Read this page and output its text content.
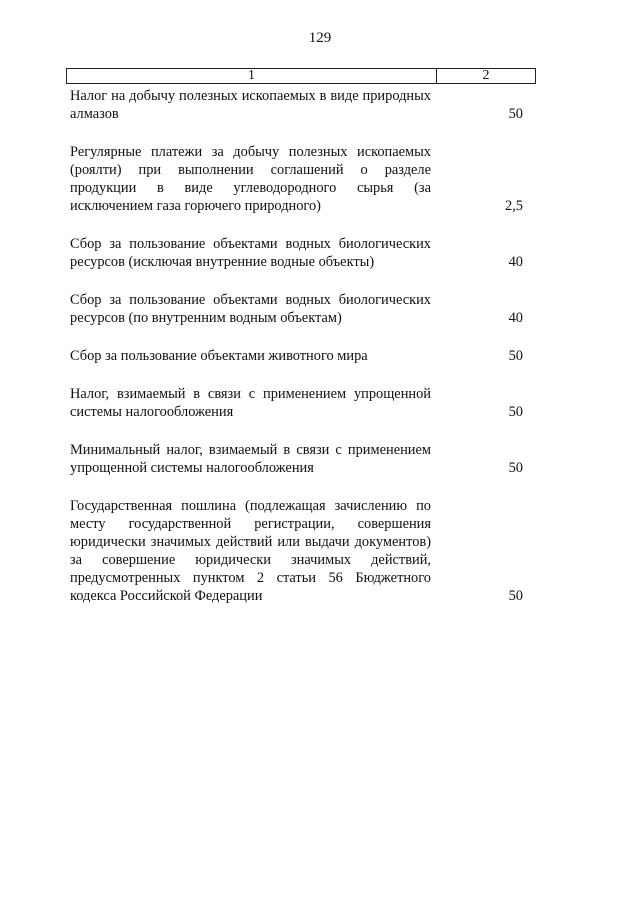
129
1	2
Налог на добычу полезных ископаемых в виде природных алмазов	50
Регулярные платежи за добычу полезных ископаемых (роялти) при выполнении соглашений о разделе продукции в виде углеводородного сырья (за исключением газа горючего природного)	2,5
Сбор за пользование объектами водных биологических ресурсов (исключая внутренние водные объекты)	40
Сбор за пользование объектами водных биологических ресурсов (по внутренним водным объектам)	40
Сбор за пользование объектами животного мира	50
Налог, взимаемый в связи с применением упрощенной системы налогообложения	50
Минимальный налог, взимаемый в связи с применением упрощенной системы налогообложения	50
Государственная пошлина (подлежащая зачислению по месту государственной регистрации, совершения юридически значимых действий или выдачи документов) за совершение юридически значимых действий, предусмотренных пунктом 2 статьи 56 Бюджетного кодекса Российской Федерации	50
